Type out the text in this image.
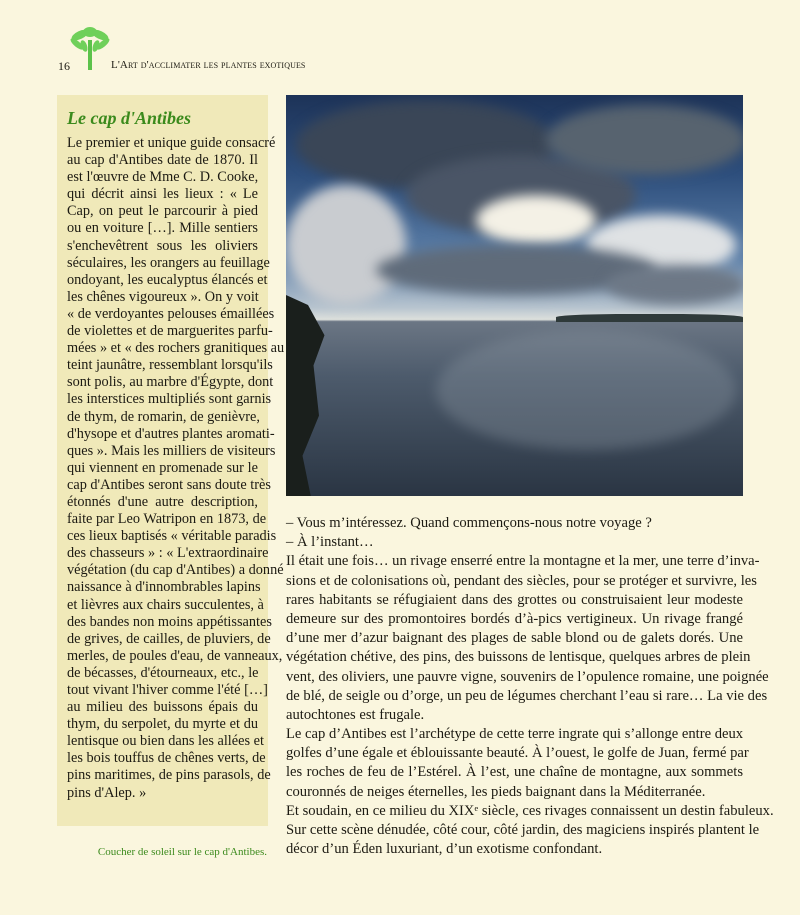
16	L'Art d'acclimater les plantes exotiques
Le cap d'Antibes
Le premier et unique guide consacré
au cap d'Antibes date de 1870. Il
est l'œuvre de Mme C. D. Cooke,
qui décrit ainsi les lieux : « Le
Cap, on peut le parcourir à pied
ou en voiture […]. Mille sentiers
s'enchevêtrent sous les oliviers
séculaires, les orangers au feuillage
ondoyant, les eucalyptus élancés et
les chênes vigoureux ». On y voit
« de verdoyantes pelouses émaillées
de violettes et de marguerites parfu-
mées » et « des rochers granitiques au
teint jaunâtre, ressemblant lorsqu'ils
sont polis, au marbre d'Égypte, dont
les interstices multipliés sont garnis
de thym, de romarin, de genièvre,
d'hysope et d'autres plantes aromati-
ques ». Mais les milliers de visiteurs
qui viennent en promenade sur le
cap d'Antibes seront sans doute très
étonnés d'une autre description,
faite par Leo Watripon en 1873, de
ces lieux baptisés « véritable paradis
des chasseurs » : « L'extraordinaire
végétation (du cap d'Antibes) a donné
naissance à d'innombrables lapins
et lièvres aux chairs succulentes, à
des bandes non moins appétissantes
de grives, de cailles, de pluviers, de
merles, de poules d'eau, de vanneaux,
de bécasses, d'étourneaux, etc., le
tout vivant l'hiver comme l'été […]
au milieu des buissons épais du
thym, du serpolet, du myrte et du
lentisque ou bien dans les allées et
les bois touffus de chênes verts, de
pins maritimes, de pins parasols, de
pins d'Alep. »
Coucher de soleil sur le cap d'Antibes.
– Vous m’intéressez. Quand commençons-nous notre voyage ?
– À l’instant…
Il était une fois… un rivage enserré entre la montagne et la mer, une terre d’inva-
sions et de colonisations où, pendant des siècles, pour se protéger et survivre, les
rares habitants se réfugiaient dans des grottes ou construisaient leur modeste
demeure sur des promontoires bordés d’à-pics vertigineux. Un rivage frangé
d’une mer d’azur baignant des plages de sable blond ou de galets dorés. Une
végétation chétive, des pins, des buissons de lentisque, quelques arbres de plein
vent, des oliviers, une pauvre vigne, souvenirs de l’opulence romaine, une poignée
de blé, de seigle ou d’orge, un peu de légumes cherchant l’eau si rare… La vie des
autochtones est frugale.
Le cap d’Antibes est l’archétype de cette terre ingrate qui s’allonge entre deux
golfes d’une égale et éblouissante beauté. À l’ouest, le golfe de Juan, fermé par
les roches de feu de l’Estérel. À l’est, une chaîne de montagne, aux sommets
couronnés de neiges éternelles, les pieds baignant dans la Méditerranée.
Et soudain, en ce milieu du XIXᵉ siècle, ces rivages connaissent un destin fabuleux.
Sur cette scène dénudée, côté cour, côté jardin, des magiciens inspirés plantent le
décor d’un Éden luxuriant, d’un exotisme confondant.
